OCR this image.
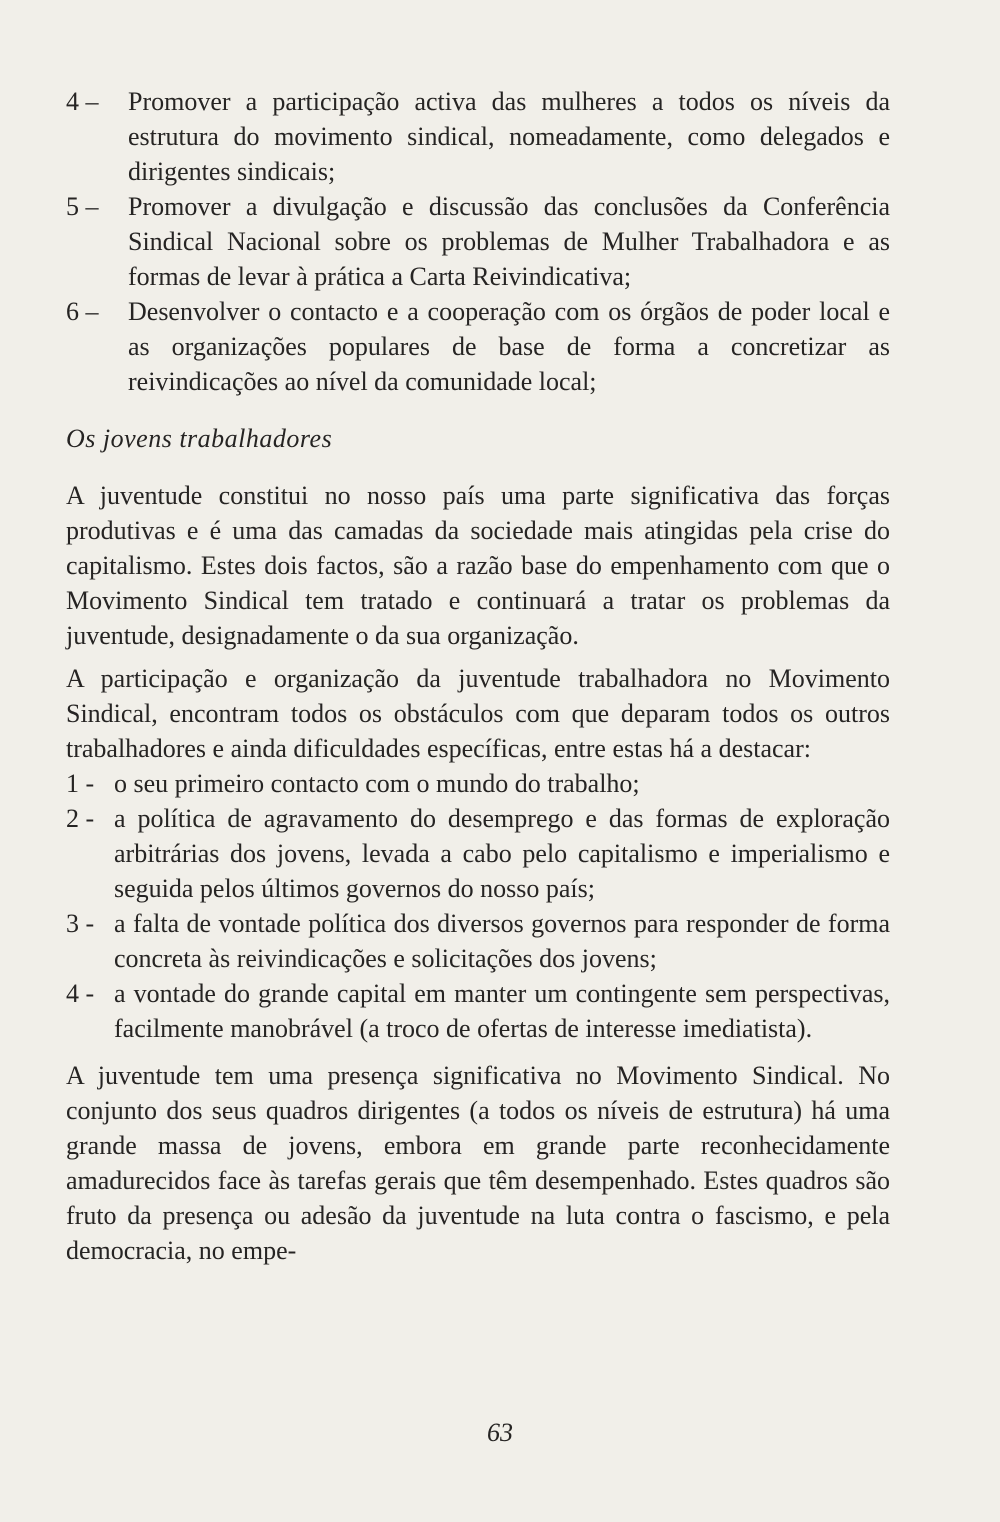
4 –	Promover a participação activa das mulheres a todos os níveis da estrutura do movimento sindical, nomeadamente, como delegados e dirigentes sindicais;
5 –	Promover a divulgação e discussão das conclusões da Conferência Sindical Nacional sobre os problemas de Mulher Trabalhadora e as formas de levar à prática a Carta Reivindicativa;
6 –	Desenvolver o contacto e a cooperação com os órgãos de poder local e as organizações populares de base de forma a concretizar as reivindicações ao nível da comunidade local;
Os jovens trabalhadores

A juventude constitui no nosso país uma parte significativa das forças produtivas e é uma das camadas da sociedade mais atingidas pela crise do capitalismo. Estes dois factos, são a razão base do empenhamento com que o Movimento Sindical tem tratado e continuará a tratar os problemas da juventude, designadamente o da sua organização.

A participação e organização da juventude trabalhadora no Movimento Sindical, encontram todos os obstáculos com que deparam todos os outros trabalhadores e ainda dificuldades específicas, entre estas há a destacar:

1 - o seu primeiro contacto com o mundo do trabalho;
2 - a política de agravamento do desemprego e das formas de exploração arbitrárias dos jovens, levada a cabo pelo capitalismo e imperialismo e seguida pelos últimos governos do nosso país;
3 - a falta de vontade política dos diversos governos para responder de forma concreta às reivindicações e solicitações dos jovens;
4 - a vontade do grande capital em manter um contingente sem perspectivas, facilmente manobrável (a troco de ofertas de interesse imediatista).

A juventude tem uma presença significativa no Movimento Sindical. No conjunto dos seus quadros dirigentes (a todos os níveis de estrutura) há uma grande massa de jovens, embora em grande parte reconhecidamente amadurecidos face às tarefas gerais que têm desempenhado. Estes quadros são fruto da presença ou adesão da juventude na luta contra o fascismo, e pela democracia, no empe-

63
